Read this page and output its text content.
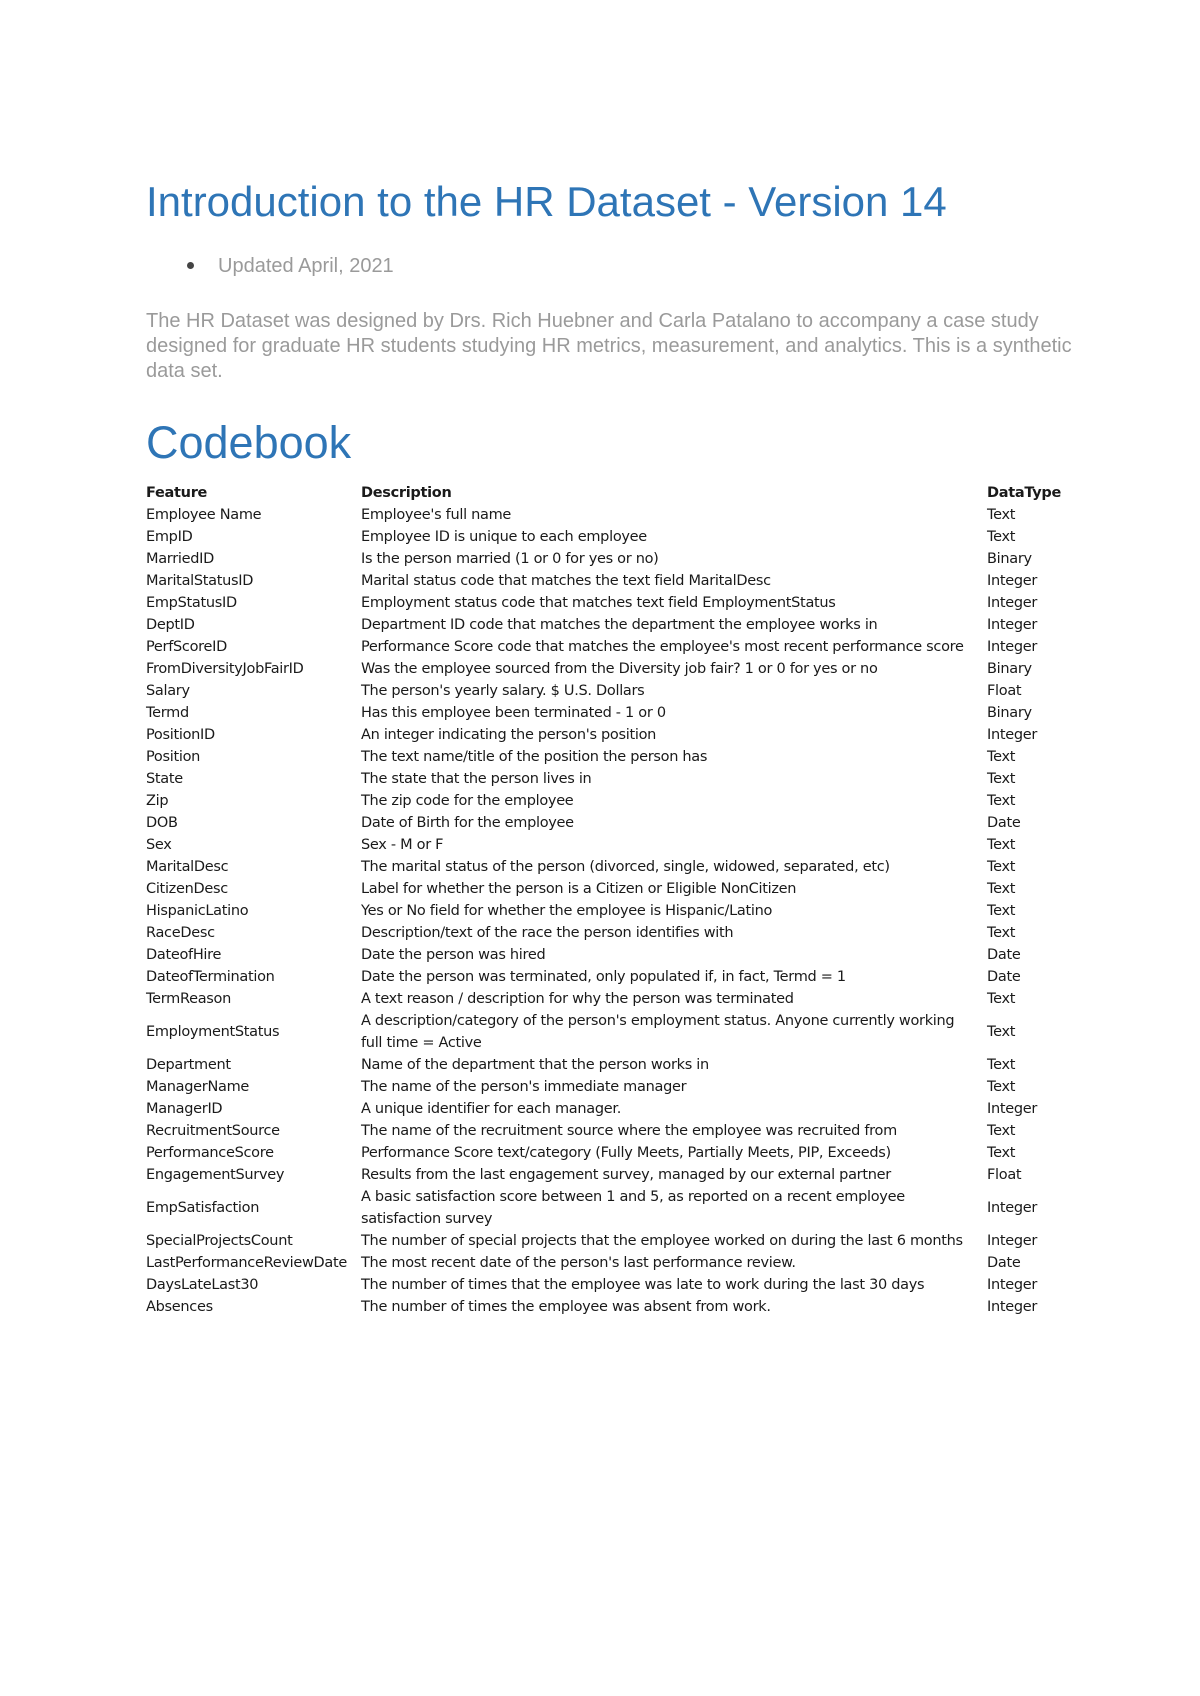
Introduction to the HR Dataset - Version 14
Updated April, 2021

The HR Dataset was designed by Drs. Rich Huebner and Carla Patalano to accompany a case study designed for graduate HR students studying HR metrics, measurement, and analytics. This is a synthetic data set.

Codebook
Feature	Description	DataType
Employee Name	Employee's full name	Text
EmpID	Employee ID is unique to each employee	Text
MarriedID	Is the person married (1 or 0 for yes or no)	Binary
MaritalStatusID	Marital status code that matches the text field MaritalDesc	Integer
EmpStatusID	Employment status code that matches text field EmploymentStatus	Integer
DeptID	Department ID code that matches the department the employee works in	Integer
PerfScoreID	Performance Score code that matches the employee's most recent performance score	Integer
FromDiversityJobFairID	Was the employee sourced from the Diversity job fair? 1 or 0 for yes or no	Binary
Salary	The person's yearly salary. $ U.S. Dollars	Float
Termd	Has this employee been terminated - 1 or 0	Binary
PositionID	An integer indicating the person's position	Integer
Position	The text name/title of the position the person has	Text
State	The state that the person lives in	Text
Zip	The zip code for the employee	Text
DOB	Date of Birth for the employee	Date
Sex	Sex - M or F	Text
MaritalDesc	The marital status of the person (divorced, single, widowed, separated, etc)	Text
CitizenDesc	Label for whether the person is a Citizen or Eligible NonCitizen	Text
HispanicLatino	Yes or No field for whether the employee is Hispanic/Latino	Text
RaceDesc	Description/text of the race the person identifies with	Text
DateofHire	Date the person was hired	Date
DateofTermination	Date the person was terminated, only populated if, in fact, Termd = 1	Date
TermReason	A text reason / description for why the person was terminated	Text
EmploymentStatus	A description/category of the person's employment status. Anyone currently working full time = Active	Text
Department	Name of the department that the person works in	Text
ManagerName	The name of the person's immediate manager	Text
ManagerID	A unique identifier for each manager.	Integer
RecruitmentSource	The name of the recruitment source where the employee was recruited from	Text
PerformanceScore	Performance Score text/category (Fully Meets, Partially Meets, PIP, Exceeds)	Text
EngagementSurvey	Results from the last engagement survey, managed by our external partner	Float
EmpSatisfaction	A basic satisfaction score between 1 and 5, as reported on a recent employee satisfaction survey	Integer
SpecialProjectsCount	The number of special projects that the employee worked on during the last 6 months	Integer
LastPerformanceReviewDate	The most recent date of the person's last performance review.	Date
DaysLateLast30	The number of times that the employee was late to work during the last 30 days	Integer
Absences	The number of times the employee was absent from work.	Integer
